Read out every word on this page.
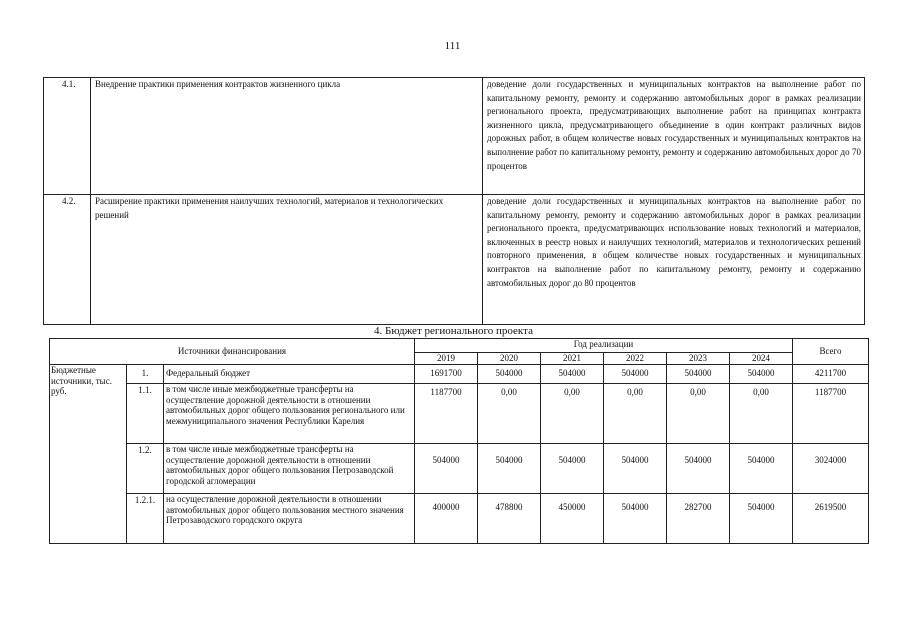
111
4.1.	Внедрение практики применения контрактов жизненного цикла	доведение доли государственных и муниципальных контрактов на выполнение работ по капитальному ремонту, ремонту и содержанию автомобильных дорог в рамках реализации регионального проекта, предусматривающих выполнение работ на принципах контракта жизненного цикла, предусматривающего объединение в один контракт различных видов дорожных работ, в общем количестве новых государственных и муниципальных контрактов на выполнение работ по капитальному ремонту, ремонту и содержанию автомобильных дорог до 70 процентов
4.2.	Расширение практики применения наилучших технологий, материалов и технологических решений	доведение доли государственных и муниципальных контрактов на выполнение работ по капитальному ремонту, ремонту и содержанию автомобильных дорог в рамках реализации регионального проекта, предусматривающих использование новых технологий и материалов, включенных в реестр новых и наилучших технологий, материалов и технологических решений повторного применения, в общем количестве новых государственных и муниципальных контрактов на выполнение работ по капитальному ремонту, ремонту и содержанию автомобильных дорог до 80 процентов
4. Бюджет регионального проекта
Источники финансирования			Год реализации						Всего
			2019	2020	2021	2022	2023	2024	
Бюджетные источники, тыс. руб.	1.	Федеральный бюджет	1691700	504000	504000	504000	504000	504000	4211700
	1.1.	в том числе иные межбюджетные трансферты на осуществление дорожной деятельности в отношении автомобильных дорог общего пользования регионального или межмуниципального значения Республики Карелия	1187700	0,00	0,00	0,00	0,00	0,00	1187700
	1.2.	в том числе иные межбюджетные трансферты на осуществление дорожной деятельности в отношении автомобильных дорог общего пользования Петрозаводской городской агломерации	504000	504000	504000	504000	504000	504000	3024000
	1.2.1.	на осуществление дорожной деятельности в отношении автомобильных дорог общего пользования местного значения Петрозаводского городского округа	400000	478800	450000	504000	282700	504000	2619500
